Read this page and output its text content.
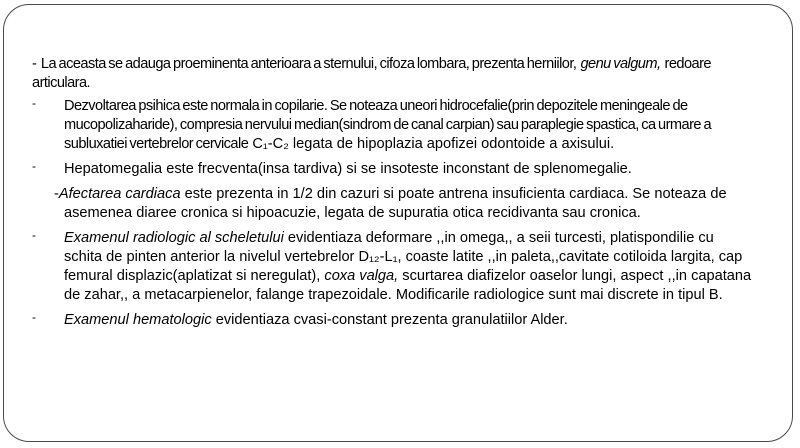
- La aceasta se adauga proeminenta anterioara a sternului, cifoza lombara, prezenta herniilor, genu valgum, redoare articulara.

-	Dezvoltarea psihica este normala in copilarie. Se noteaza uneori hidrocefalie(prin depozitele meningeale de mucopolizaharide), compresia nervului median(sindrom de canal carpian) sau paraplegie spastica, ca urmare a subluxatiei vertebrelor cervicale C₁-C₂ legata de hipoplazia apofizei odontoide a axisului.

-	Hepatomegalia este frecventa(insa tardiva) si se insoteste inconstant de splenomegalie.

-Afectarea cardiaca este prezenta in 1/2 din cazuri si poate antrena insuficienta cardiaca. Se noteaza de asemenea diaree cronica si hipoacuzie, legata de supuratia otica recidivanta sau cronica.

-	Examenul radiologic al scheletului evidentiaza deformare ,,in omega,, a seii turcesti, platispondilie cu schita de pinten anterior la nivelul vertebrelor D₁₂-L₁, coaste latite ,,in paleta,,cavitate cotiloida largita, cap femural displazic(aplatizat si neregulat), coxa valga, scurtarea diafizelor oaselor lungi, aspect ,,in capatana de zahar,, a metacarpienelor, falange trapezoidale. Modificarile radiologice sunt mai discrete in tipul B.

-	Examenul hematologic evidentiaza cvasi-constant prezenta granulatiilor Alder.
